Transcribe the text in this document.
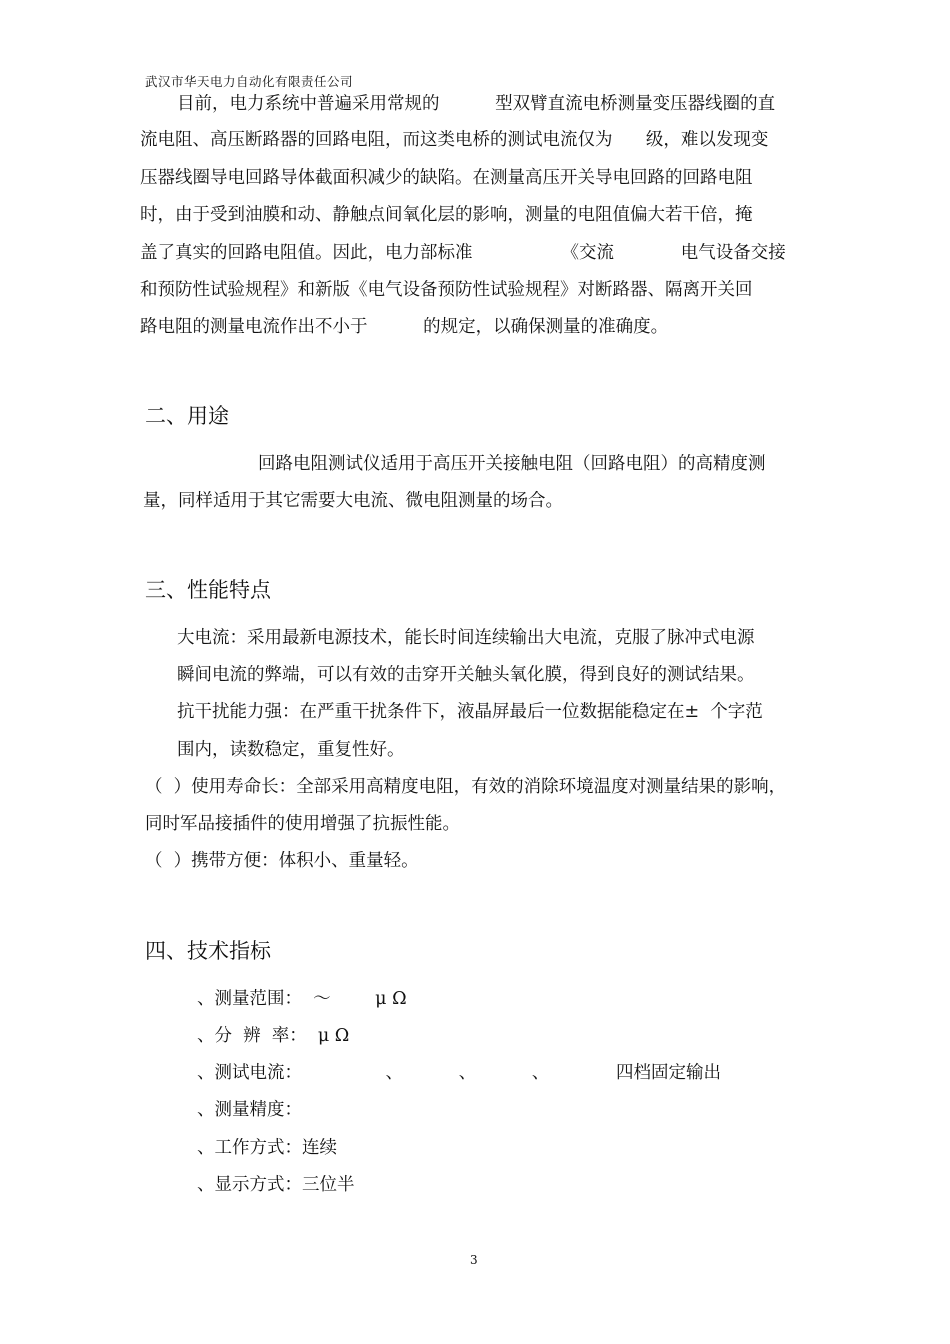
武汉市华天电力自动化有限责任公司
目前，电力系统中普遍采用常规的          型双臂直流电桥测量变压器线圈的直
流电阻、高压断路器的回路电阻，而这类电桥的测试电流仅为      级，难以发现变
压器线圈导电回路导体截面积减少的缺陷。在测量高压开关导电回路的回路电阻
时，由于受到油膜和动、静触点间氧化层的影响，测量的电阻值偏大若干倍，掩
盖了真实的回路电阻值。因此，电力部标准                《交流            电气设备交接
和预防性试验规程》和新版《电气设备预防性试验规程》对断路器、隔离开关回
路电阻的测量电流作出不小于          的规定，以确保测量的准确度。
二、用途
回路电阻测试仪适用于高压开关接触电阻（回路电阻）的高精度测
量，同样适用于其它需要大电流、微电阻测量的场合。
三、性能特点
大电流：采用最新电源技术，能长时间连续输出大电流，克服了脉冲式电源
瞬间电流的弊端，可以有效的击穿开关触头氧化膜，得到良好的测试结果。
抗干扰能力强：在严重干扰条件下，液晶屏最后一位数据能稳定在±  个字范
围内，读数稳定，重复性好。
（  ）使用寿命长：全部采用高精度电阻，有效的消除环境温度对测量结果的影响，
同时军品接插件的使用增强了抗振性能。
（  ）携带方便：体积小、重量轻。
四、技术指标
、测量范围：  ～        μ Ω
、分  辨  率：  μ Ω
、测试电流：               、          、          、            四档固定输出
、测量精度：
、工作方式：连续
、显示方式：三位半
3
